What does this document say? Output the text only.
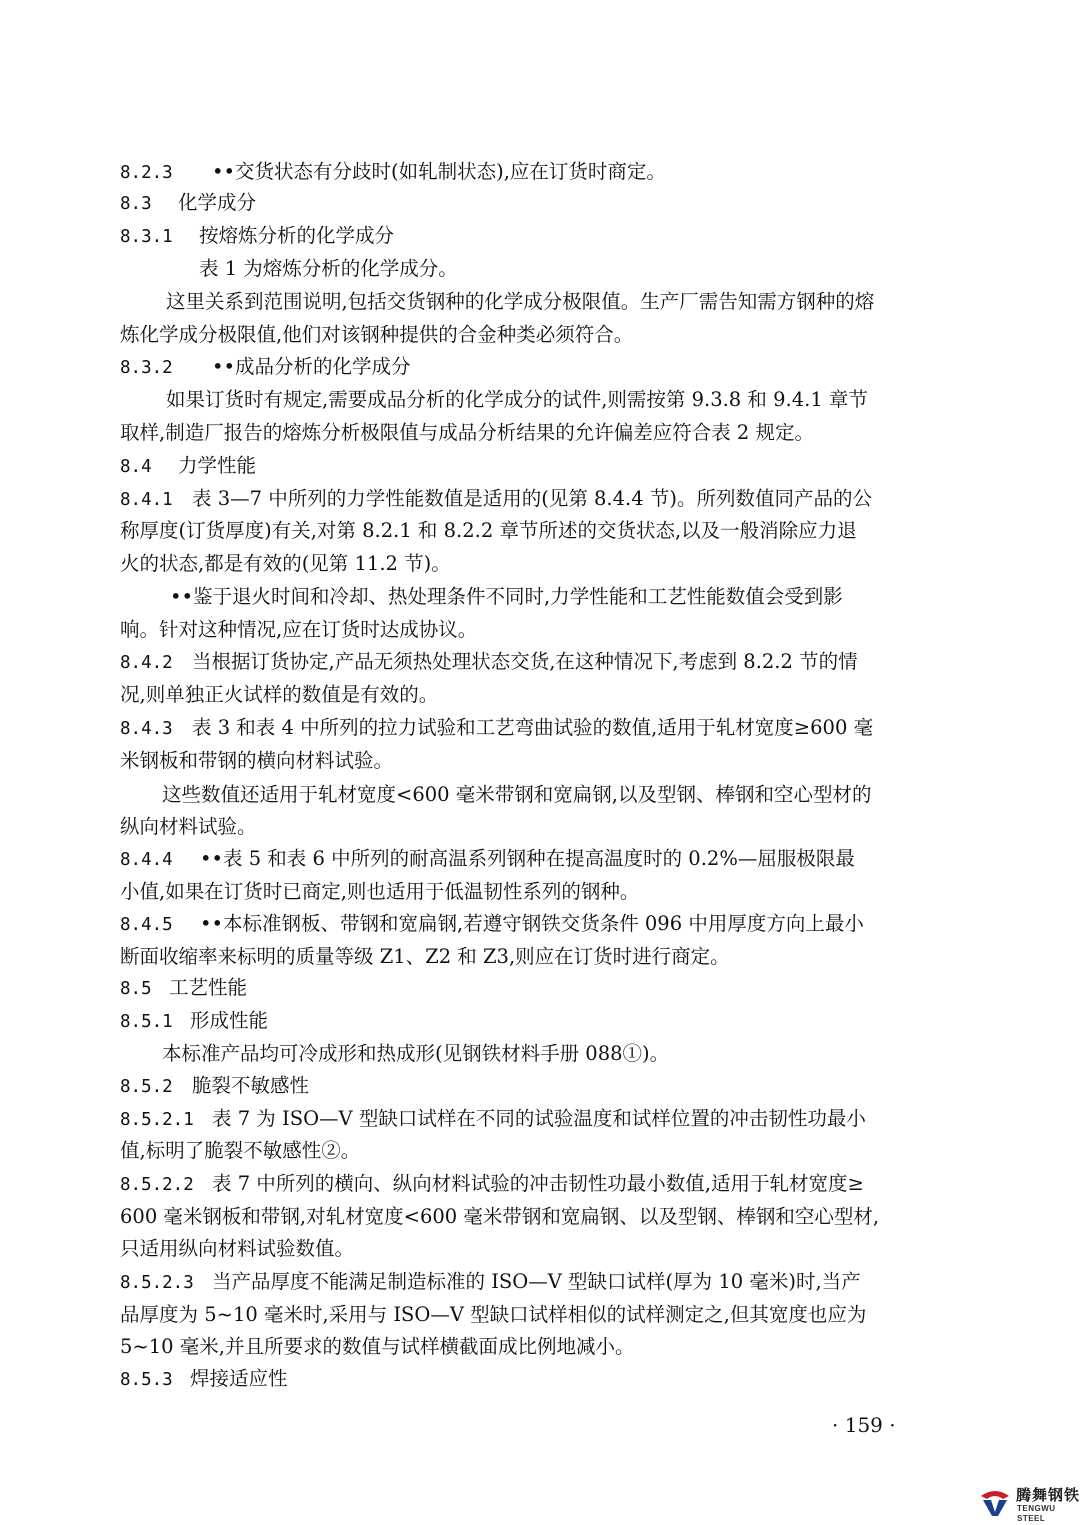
8.2.3 ••交货状态有分歧时(如轧制状态),应在订货时商定。
8.3 化学成分
8.3.1 按熔炼分析的化学成分
表 1 为熔炼分析的化学成分。
这里关系到范围说明,包括交货钢种的化学成分极限值。生产厂需告知需方钢种的熔
炼化学成分极限值,他们对该钢种提供的合金种类必须符合。
8.3.2 ••成品分析的化学成分
如果订货时有规定,需要成品分析的化学成分的试件,则需按第 9.3.8 和 9.4.1 章节
取样,制造厂报告的熔炼分析极限值与成品分析结果的允许偏差应符合表 2 规定。
8.4 力学性能
8.4.1 表 3—7 中所列的力学性能数值是适用的(见第 8.4.4 节)。所列数值同产品的公
称厚度(订货厚度)有关,对第 8.2.1 和 8.2.2 章节所述的交货状态,以及一般消除应力退
火的状态,都是有效的(见第 11.2 节)。
••鉴于退火时间和冷却、热处理条件不同时,力学性能和工艺性能数值会受到影
响。针对这种情况,应在订货时达成协议。
8.4.2 当根据订货协定,产品无须热处理状态交货,在这种情况下,考虑到 8.2.2 节的情
况,则单独正火试样的数值是有效的。
8.4.3 表 3 和表 4 中所列的拉力试验和工艺弯曲试验的数值,适用于轧材宽度≥600 毫
米钢板和带钢的横向材料试验。
这些数值还适用于轧材宽度<600 毫米带钢和宽扁钢,以及型钢、棒钢和空心型材的
纵向材料试验。
8.4.4 ••表 5 和表 6 中所列的耐高温系列钢种在提高温度时的 0.2%—屈服极限最
小值,如果在订货时已商定,则也适用于低温韧性系列的钢种。
8.4.5 ••本标准钢板、带钢和宽扁钢,若遵守钢铁交货条件 096 中用厚度方向上最小
断面收缩率来标明的质量等级 Z1、Z2 和 Z3,则应在订货时进行商定。
8.5 工艺性能
8.5.1 形成性能
本标准产品均可冷成形和热成形(见钢铁材料手册 088①)。
8.5.2 脆裂不敏感性
8.5.2.1 表 7 为 ISO—V 型缺口试样在不同的试验温度和试样位置的冲击韧性功最小
值,标明了脆裂不敏感性②。
8.5.2.2 表 7 中所列的横向、纵向材料试验的冲击韧性功最小数值,适用于轧材宽度≥
600 毫米钢板和带钢,对轧材宽度<600 毫米带钢和宽扁钢、以及型钢、棒钢和空心型材,
只适用纵向材料试验数值。
8.5.2.3 当产品厚度不能满足制造标准的 ISO—V 型缺口试样(厚为 10 毫米)时,当产
品厚度为 5~10 毫米时,采用与 ISO—V 型缺口试样相似的试样测定之,但其宽度也应为
5~10 毫米,并且所要求的数值与试样横截面成比例地减小。
8.5.3 焊接适应性
· 159 ·
腾舞钢铁
TENGWU STEEL
